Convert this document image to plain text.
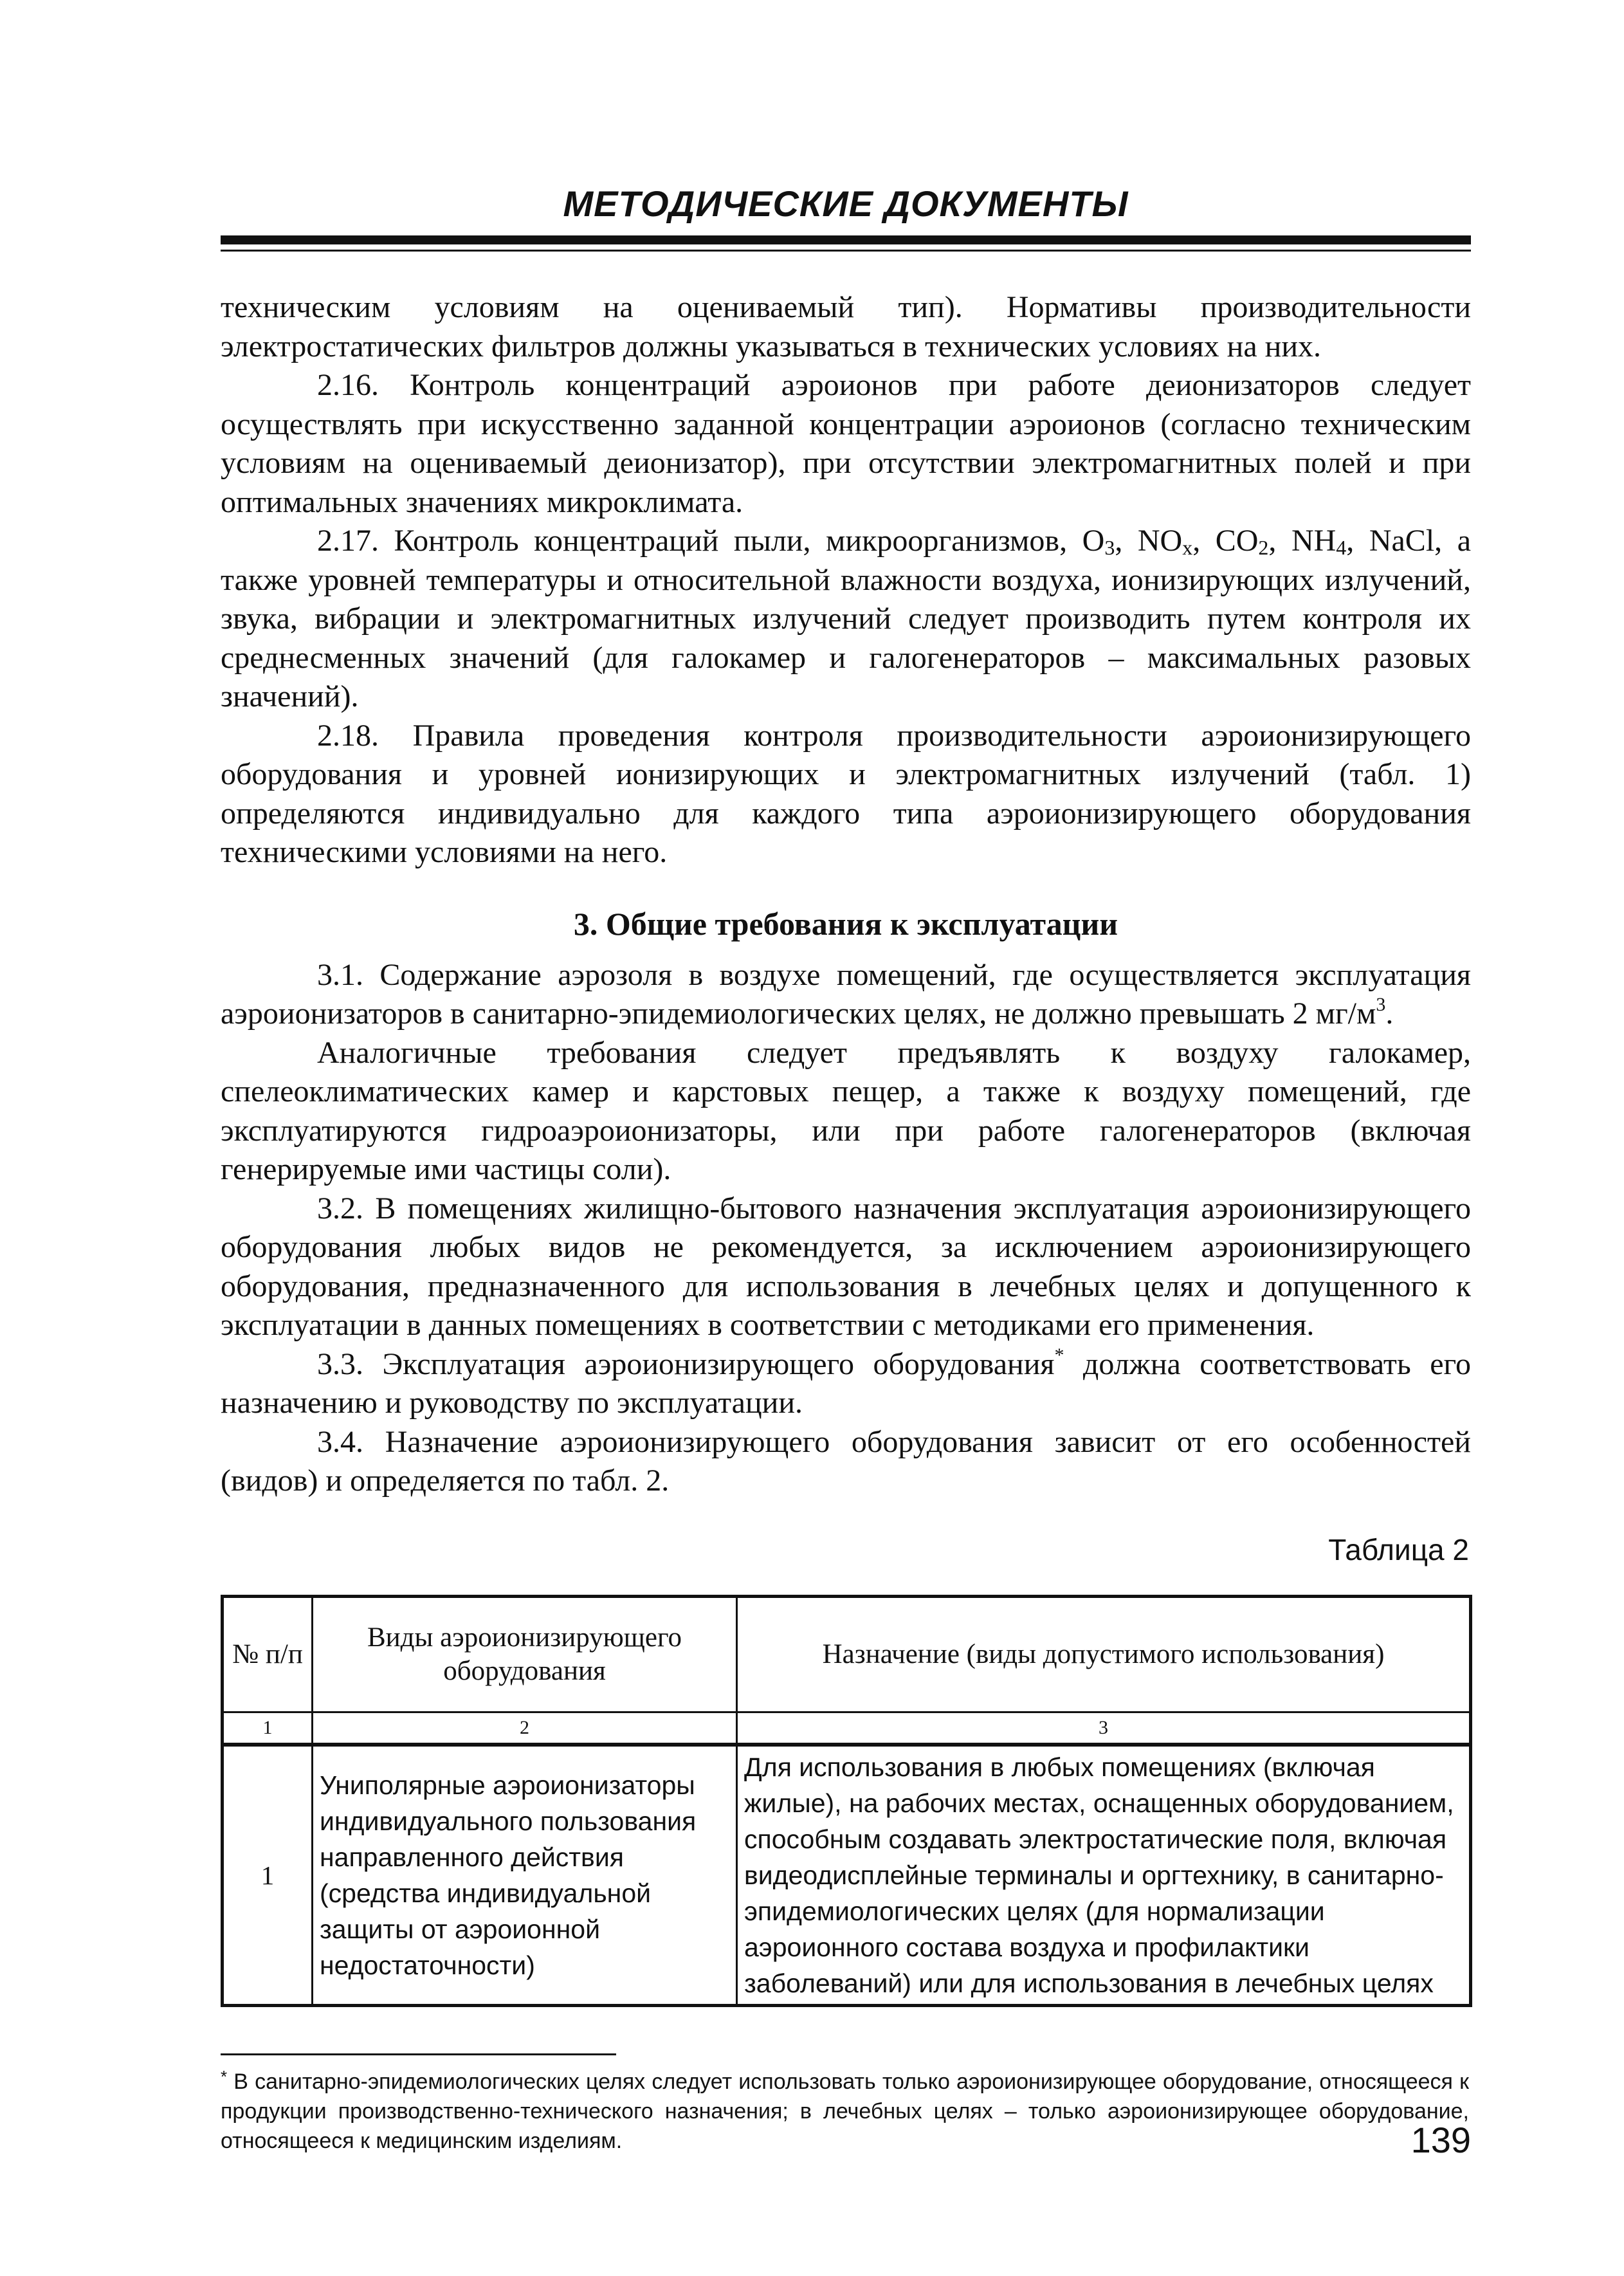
МЕТОДИЧЕСКИЕ ДОКУМЕНТЫ

техническим условиям на оцениваемый тип). Нормативы производительности электростатических фильтров должны указываться в технических условиях на них.

2.16. Контроль концентраций аэроионов при работе деионизаторов следует осуществлять при искусственно заданной концентрации аэроионов (согласно техническим условиям на оцениваемый деионизатор), при отсутствии электромагнитных полей и при оптимальных значениях микроклимата.

2.17. Контроль концентраций пыли, микроорганизмов, $O_3$, $NO_x$, $CO_2$, $NH_4$, NaCl, а также уровней температуры и относительной влажности воздуха, ионизирующих излучений, звука, вибрации и электромагнитных излучений следует производить путем контроля их среднесменных значений (для галокамер и галогенераторов – максимальных разовых значений).

2.18. Правила проведения контроля производительности аэроионизирующего оборудования и уровней ионизирующих и электромагнитных излучений (табл. 1) определяются индивидуально для каждого типа аэроионизирующего оборудования техническими условиями на него.

3. Общие требования к эксплуатации

3.1. Содержание аэрозоля в воздухе помещений, где осуществляется эксплуатация аэроионизаторов в санитарно-эпидемиологических целях, не должно превышать 2 $мг/м^3$.

Аналогичные требования следует предъявлять к воздуху галокамер, спелеоклиматических камер и карстовых пещер, а также к воздуху помещений, где эксплуатируются гидроаэроионизаторы, или при работе галогенераторов (включая генерируемые ими частицы соли).

3.2. В помещениях жилищно-бытового назначения эксплуатация аэроионизирующего оборудования любых видов не рекомендуется, за исключением аэроионизирующего оборудования, предназначенного для использования в лечебных целях и допущенного к эксплуатации в данных помещениях в соответствии с методиками его применения.

3.3. Эксплуатация аэроионизирующего оборудования* должна соответствовать его назначению и руководству по эксплуатации.

3.4. Назначение аэроионизирующего оборудования зависит от его особенностей (видов) и определяется по табл. 2.

Таблица 2
№ п/п	Виды аэроионизирующего оборудования	Назначение (виды допустимого использования)
1	2	3
1	Униполярные аэроионизаторы индивидуального пользования направленного действия (средства индивидуальной защиты от аэроионной недостаточности)	Для использования в любых помещениях (включая жилые), на рабочих местах, оснащенных оборудованием, способным создавать электростатические поля, включая видеодисплейные терминалы и оргтехнику, в санитарно-эпидемиологических целях (для нормализации аэроионного состава воздуха и профилактики заболеваний) или для использования в лечебных целях
* В санитарно-эпидемиологических целях следует использовать только аэроионизирующее оборудование, относящееся к продукции производственно-технического назначения; в лечебных целях – только аэроионизирующее оборудование, относящееся к медицинским изделиям.	139
